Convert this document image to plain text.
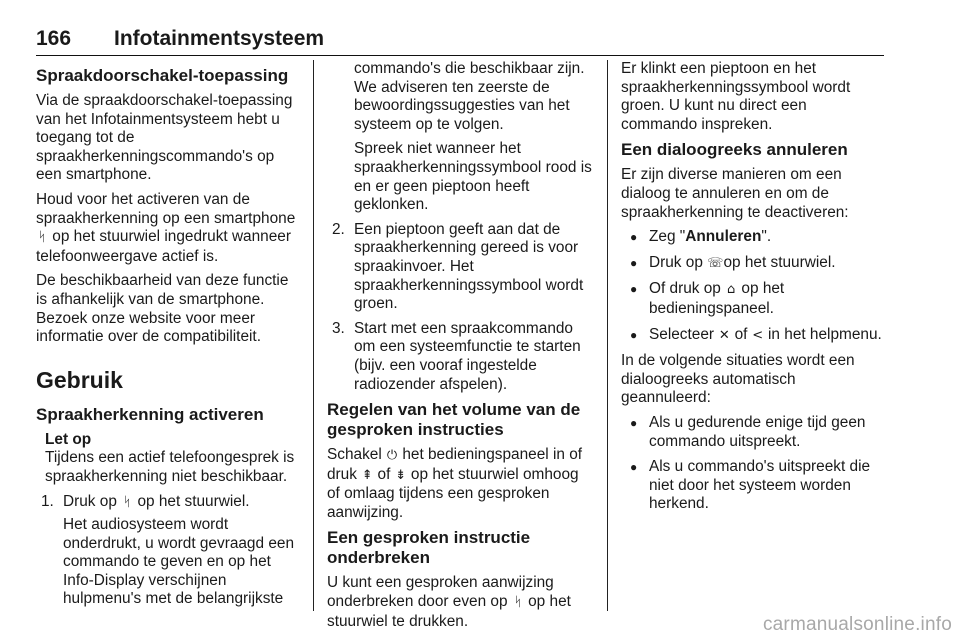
166 Infotainmentsysteem
Spraakdoorschakel-toepassing

Via de spraakdoorschakel-toepassing van het Infotainmentsysteem hebt u toegang tot de spraakherkenningscommando's op een smartphone.

Houd voor het activeren van de spraakherkenning op een smartphone ᛋ op het stuurwiel ingedrukt wanneer telefoonweergave actief is.

De beschikbaarheid van deze functie is afhankelijk van de smartphone. Bezoek onze website voor meer informatie over de compatibiliteit.

Gebruik
Spraakherkenning activeren
Let op

Tijdens een actief telefoongesprek is spraakherkenning niet beschikbaar.

1. Druk op ᛋ op het stuurwiel.
Het audiosysteem wordt onderdrukt, u wordt gevraagd een commando te geven en op het Info-Display verschijnen hulpmenu's met de belangrijkste

commando's die beschikbaar zijn. We adviseren ten zeerste de bewoordingssuggesties van het systeem op te volgen.

Spreek niet wanneer het spraakherkenningssymbool rood is en er geen pieptoon heeft geklonken.

2. Een pieptoon geeft aan dat de spraakherkenning gereed is voor spraakinvoer. Het spraakherkenningssymbool wordt groen.
3. Start met een spraakcommando om een systeemfunctie te starten (bijv. een vooraf ingestelde radiozender afspelen).
Regelen van het volume van de gesproken instructies

Schakel ⏻ het bedieningspaneel in of druk ⇞ of ⇟ op het stuurwiel omhoog of omlaag tijdens een gesproken aanwijzing.

Een gesproken instructie onderbreken

U kunt een gesproken aanwijzing onderbreken door even op ᛋ op het stuurwiel te drukken.

Er klinkt een pieptoon en het spraakherkenningssymbool wordt groen. U kunt nu direct een commando inspreken.

Een dialoogreeks annuleren

Er zijn diverse manieren om een dialoog te annuleren en om de spraakherkenning te deactiveren:

● Zeg "Annuleren".
● Druk op ☏ op het stuurwiel.
● Of druk op ⌂ op het bedieningspaneel.
● Selecteer ✕ of < in het helpmenu.

In de volgende situaties wordt een dialoogreeks automatisch geannuleerd:

● Als u gedurende enige tijd geen commando uitspreekt.
● Als u commando's uitspreekt die niet door het systeem worden herkend.
carmanualsonline.info
